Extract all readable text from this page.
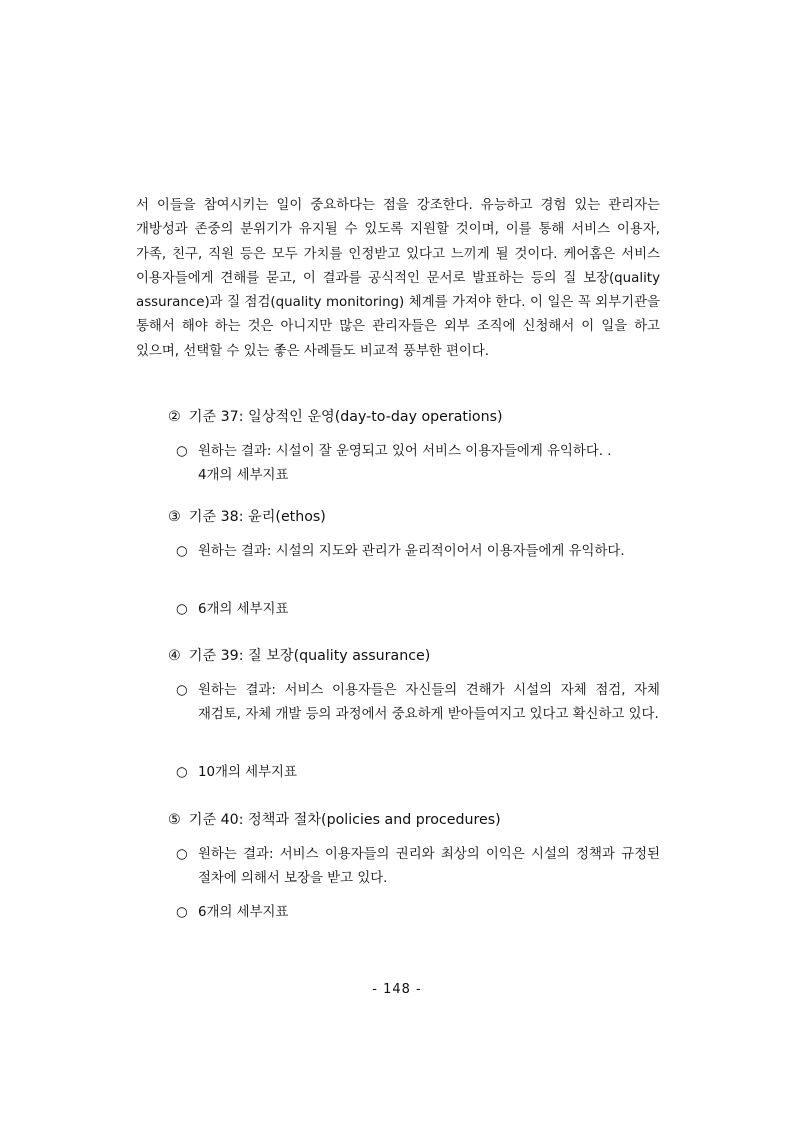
서 이들을 참여시키는 일이 중요하다는 점을 강조한다. 유능하고 경험 있는 관리자는 개방성과 존중의 분위기가 유지될 수 있도록 지원할 것이며, 이를 통해 서비스 이용자, 가족, 친구, 직원 등은 모두 가치를 인정받고 있다고 느끼게 될 것이다. 케어홈은 서비스 이용자들에게 견해를 묻고, 이 결과를 공식적인 문서로 발표하는 등의 질 보장(quality assurance)과 질 점검(quality monitoring) 체계를 가져야 한다. 이 일은 꼭 외부기관을 통해서 해야 하는 것은 아니지만 많은 관리자들은 외부 조직에 신청해서 이 일을 하고 있으며, 선택할 수 있는 좋은 사례들도 비교적 풍부한 편이다.

② 기준 37: 일상적인 운영(day-to-day operations)

○ 원하는 결과: 시설이 잘 운영되고 있어 서비스 이용자들에게 유익하다. .
4개의 세부지표

③ 기준 38: 윤리(ethos)

○ 원하는 결과: 시설의 지도와 관리가 윤리적이어서 이용자들에게 유익하다.

○ 6개의 세부지표

④ 기준 39: 질 보장(quality assurance)

○ 원하는 결과: 서비스 이용자들은 자신들의 견해가 시설의 자체 점검, 자체 재검토, 자체 개발 등의 과정에서 중요하게 받아들여지고 있다고 확신하고 있다.

○ 10개의 세부지표

⑤ 기준 40: 정책과 절차(policies and procedures)

○ 원하는 결과: 서비스 이용자들의 권리와 최상의 이익은 시설의 정책과 규정된 절차에 의해서 보장을 받고 있다.

○ 6개의 세부지표

- 148 -
